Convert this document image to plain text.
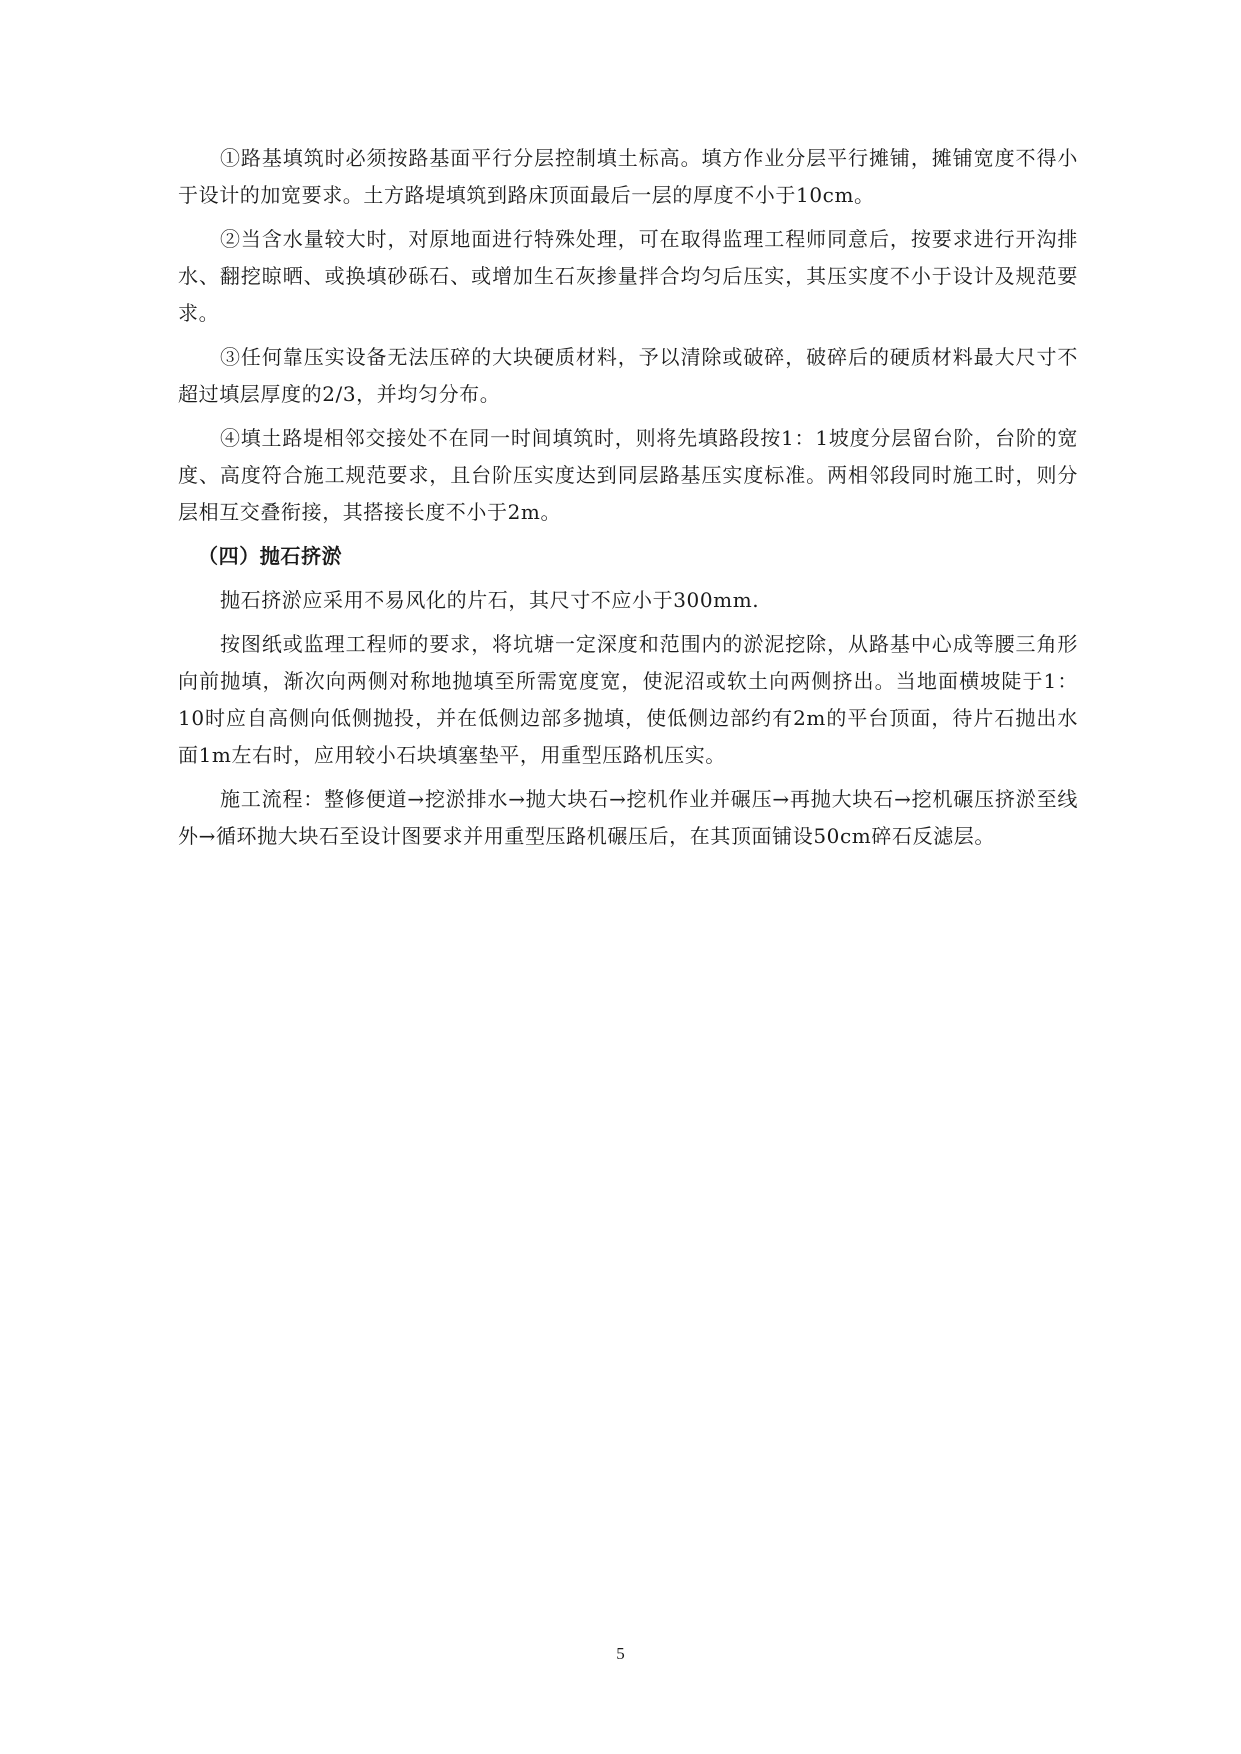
①路基填筑时必须按路基面平行分层控制填土标高。填方作业分层平行摊铺，摊铺宽度不得小于设计的加宽要求。土方路堤填筑到路床顶面最后一层的厚度不小于10cm。

②当含水量较大时，对原地面进行特殊处理，可在取得监理工程师同意后，按要求进行开沟排水、翻挖晾晒、或换填砂砾石、或增加生石灰掺量拌合均匀后压实，其压实度不小于设计及规范要求。

③任何靠压实设备无法压碎的大块硬质材料，予以清除或破碎，破碎后的硬质材料最大尺寸不超过填层厚度的2/3，并均匀分布。

④填土路堤相邻交接处不在同一时间填筑时，则将先填路段按1：1坡度分层留台阶，台阶的宽度、高度符合施工规范要求，且台阶压实度达到同层路基压实度标准。两相邻段同时施工时，则分层相互交叠衔接，其搭接长度不小于2m。

（四）抛石挤淤

抛石挤淤应采用不易风化的片石，其尺寸不应小于300mm.

按图纸或监理工程师的要求，将坑塘一定深度和范围内的淤泥挖除，从路基中心成等腰三角形向前抛填，渐次向两侧对称地抛填至所需宽度宽，使泥沼或软土向两侧挤出。当地面横坡陡于1：10时应自高侧向低侧抛投，并在低侧边部多抛填，使低侧边部约有2m的平台顶面，待片石抛出水面1m左右时，应用较小石块填塞垫平，用重型压路机压实。

施工流程：整修便道→挖淤排水→抛大块石→挖机作业并碾压→再抛大块石→挖机碾压挤淤至线外→循环抛大块石至设计图要求并用重型压路机碾压后，在其顶面铺设50cm碎石反滤层。

5
